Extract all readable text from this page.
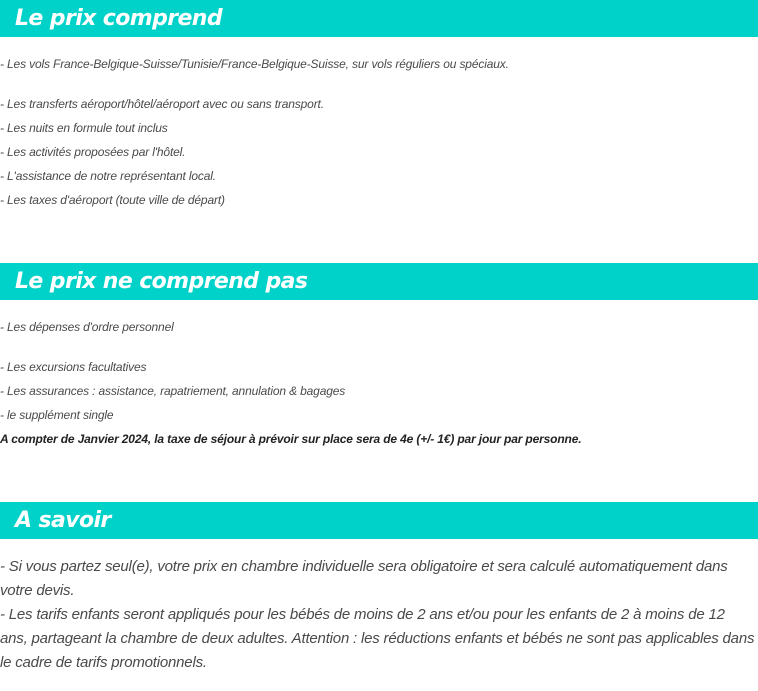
Le prix comprend
- Les vols France-Belgique-Suisse/Tunisie/France-Belgique-Suisse, sur vols réguliers ou spéciaux.
- Les transferts aéroport/hôtel/aéroport avec ou sans transport.
- Les nuits en formule tout inclus
- Les activités proposées par l'hôtel.
- L'assistance de notre représentant local.
- Les taxes d'aéroport (toute ville de départ)
Le prix ne comprend pas
- Les dépenses d'ordre personnel
- Les excursions facultatives
- Les assurances : assistance, rapatriement, annulation & bagages
- le supplément single
A compter de Janvier 2024, la taxe de séjour à prévoir sur place sera de 4e (+/- 1€) par jour par personne.
A savoir
- Si vous partez seul(e), votre prix en chambre individuelle sera obligatoire et sera calculé automatiquement dans votre devis.
- Les tarifs enfants seront appliqués pour les bébés de moins de 2 ans et/ou pour les enfants de 2 à moins de 12 ans, partageant la chambre de deux adultes. Attention : les réductions enfants et bébés ne sont pas applicables dans le cadre de tarifs promotionnels.
